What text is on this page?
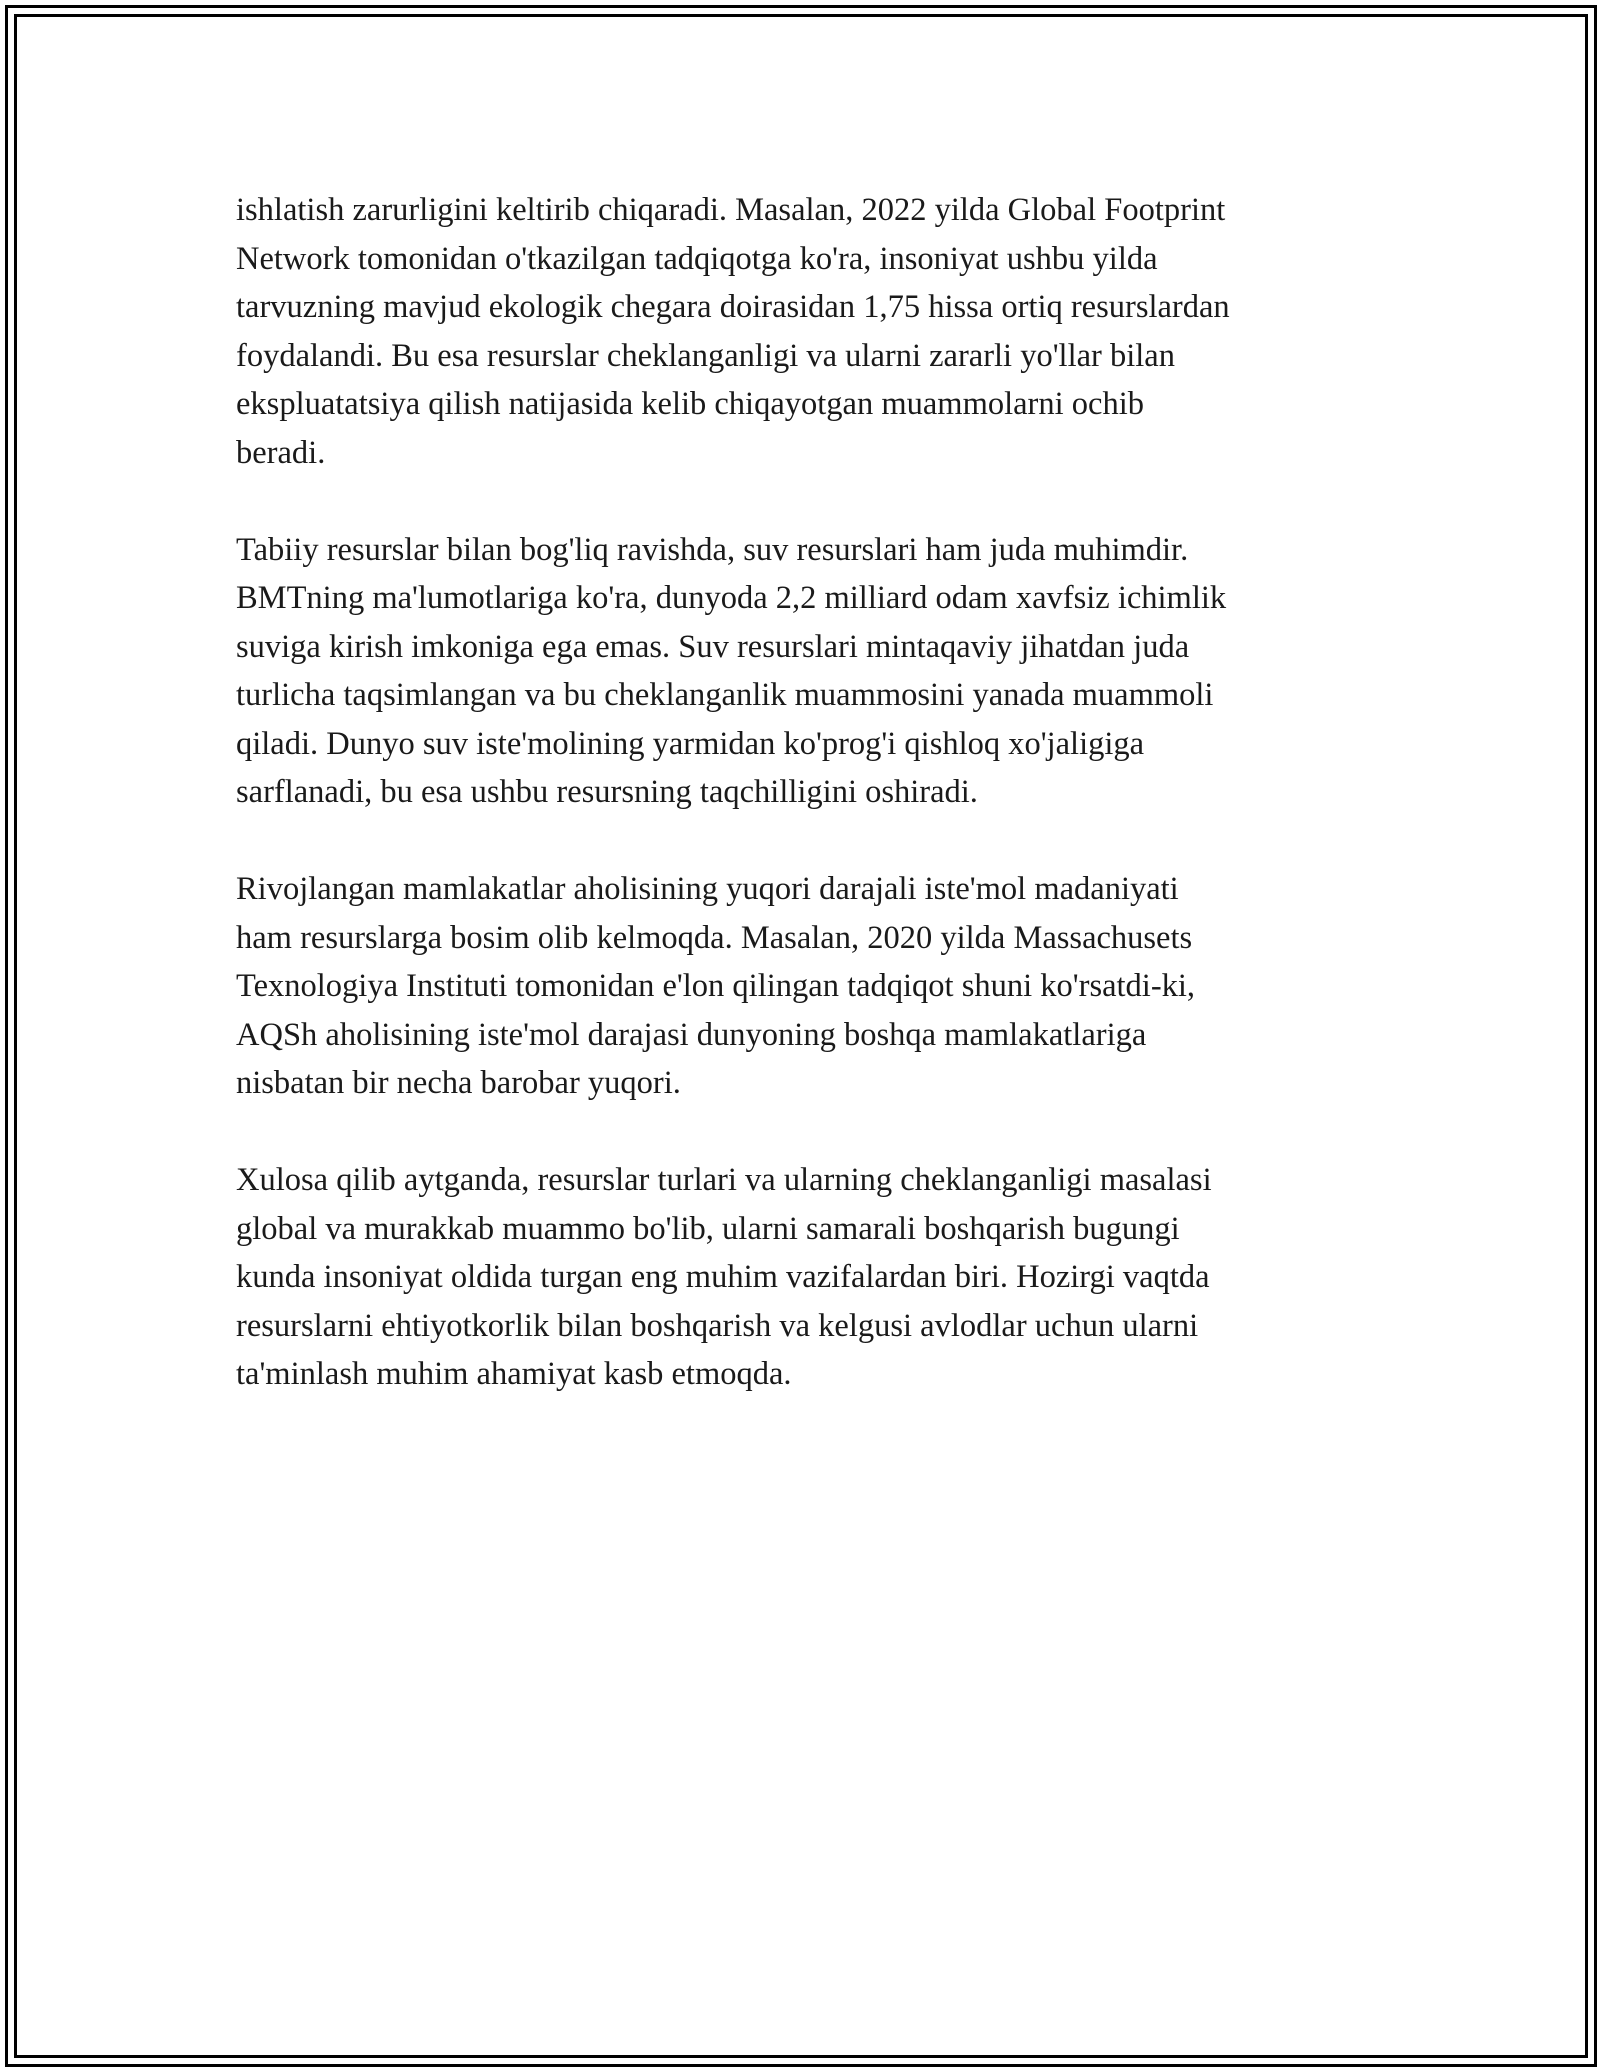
ishlatish zarurligini keltirib chiqaradi. Masalan, 2022 yilda Global Footprint
Network tomonidan o'tkazilgan tadqiqotga ko'ra, insoniyat ushbu yilda
tarvuzning mavjud ekologik chegara doirasidan 1,75 hissa ortiq resurslardan
foydalandi. Bu esa resurslar cheklanganligi va ularni zararli yo'llar bilan
ekspluatatsiya qilish natijasida kelib chiqayotgan muammolarni ochib
beradi.

Tabiiy resurslar bilan bog'liq ravishda, suv resurslari ham juda muhimdir.
BMTning ma'lumotlariga ko'ra, dunyoda 2,2 milliard odam xavfsiz ichimlik
suviga kirish imkoniga ega emas. Suv resurslari mintaqaviy jihatdan juda
turlicha taqsimlangan va bu cheklanganlik muammosini yanada muammoli
qiladi. Dunyo suv iste'molining yarmidan ko'prog'i qishloq xo'jaligiga
sarflanadi, bu esa ushbu resursning taqchilligini oshiradi.

Rivojlangan mamlakatlar aholisining yuqori darajali iste'mol madaniyati
ham resurslarga bosim olib kelmoqda. Masalan, 2020 yilda Massachusets
Texnologiya Instituti tomonidan e'lon qilingan tadqiqot shuni ko'rsatdi-ki,
AQSh aholisining iste'mol darajasi dunyoning boshqa mamlakatlariga
nisbatan bir necha barobar yuqori.

Xulosa qilib aytganda, resurslar turlari va ularning cheklanganligi masalasi
global va murakkab muammo bo'lib, ularni samarali boshqarish bugungi
kunda insoniyat oldida turgan eng muhim vazifalardan biri. Hozirgi vaqtda
resurslarni ehtiyotkorlik bilan boshqarish va kelgusi avlodlar uchun ularni
ta'minlash muhim ahamiyat kasb etmoqda.
